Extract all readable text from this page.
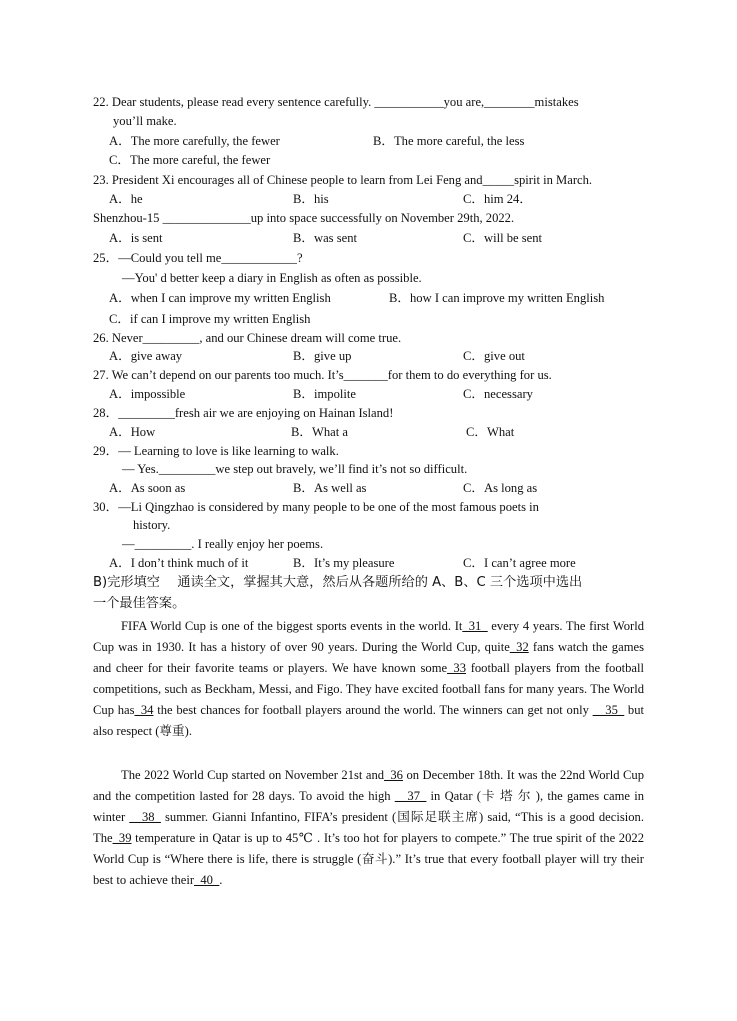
22. Dear students, please read every sentence carefully. ___________you are,________mistakes
you’ll make.
A．The more carefully, the fewer	B．The more careful, the less
C．The more careful, the fewer
23. President Xi encourages all of Chinese people to learn from Lei Feng and_____spirit in March.
A．he	B．his	C．him 24．
Shenzhou-15 ______________up into space successfully on November 29th, 2022.
A．is sent	B．was sent	C．will be sent
25．—Could you tell me____________?
—You' d better keep a diary in English as often as possible.
A．when I can improve my written English	B．how I can improve my written English
C．if can I improve my written English
26. Never_________, and our Chinese dream will come true.
A．give away	B．give up	C．give out
27. We can’t depend on our parents too much. It’s_______for them to do everything for us.
A．impossible	B．impolite	C．necessary
28．_________fresh air we are enjoying on Hainan Island!
A．How	B．What a	C．What
29．— Learning to love is like learning to walk.
— Yes._________we step out bravely, we’ll find it’s not so difficult.
A．As soon as	B．As well as	C．As long as
30．—Li Qingzhao is considered by many people to be one of the most famous poets in
history.
—_________. I really enjoy her poems.
A．I don’t think much of it	B．It’s my pleasure	C．I can’t agree more
B)完形填空　 通读全文，掌握其大意，然后从各题所给的 A、B、C 三个选项中选出
一个最佳答案。
FIFA World Cup is one of the biggest sports events in the world. It_31_ every 4 years. The first World Cup was in 1930. It has a history of over 90 years. During the World Cup, quite_32 fans watch the games and cheer for their favorite teams or players. We have known some_33 football players from the football competitions, such as Beckham, Messi, and Figo. They have excited football fans for many years. The World Cup has_34 the best chances for football players around the world. The winners can get not only __35_ but also respect (尊重).
The 2022 World Cup started on November 21st and_36 on December 18th. It was the 22nd World Cup and the competition lasted for 28 days. To avoid the high __37_ in Qatar (卡 塔 尔 ), the games came in winter __38_ summer. Gianni Infantino, FIFA’s president (国际足联主席) said, “This is a good decision. The_39 temperature in Qatar is up to 45℃ . It’s too hot for players to compete.” The true spirit of the 2022 World Cup is “Where there is life, there is struggle (奋斗).” It’s true that every football player will try their best to achieve their_40_.
